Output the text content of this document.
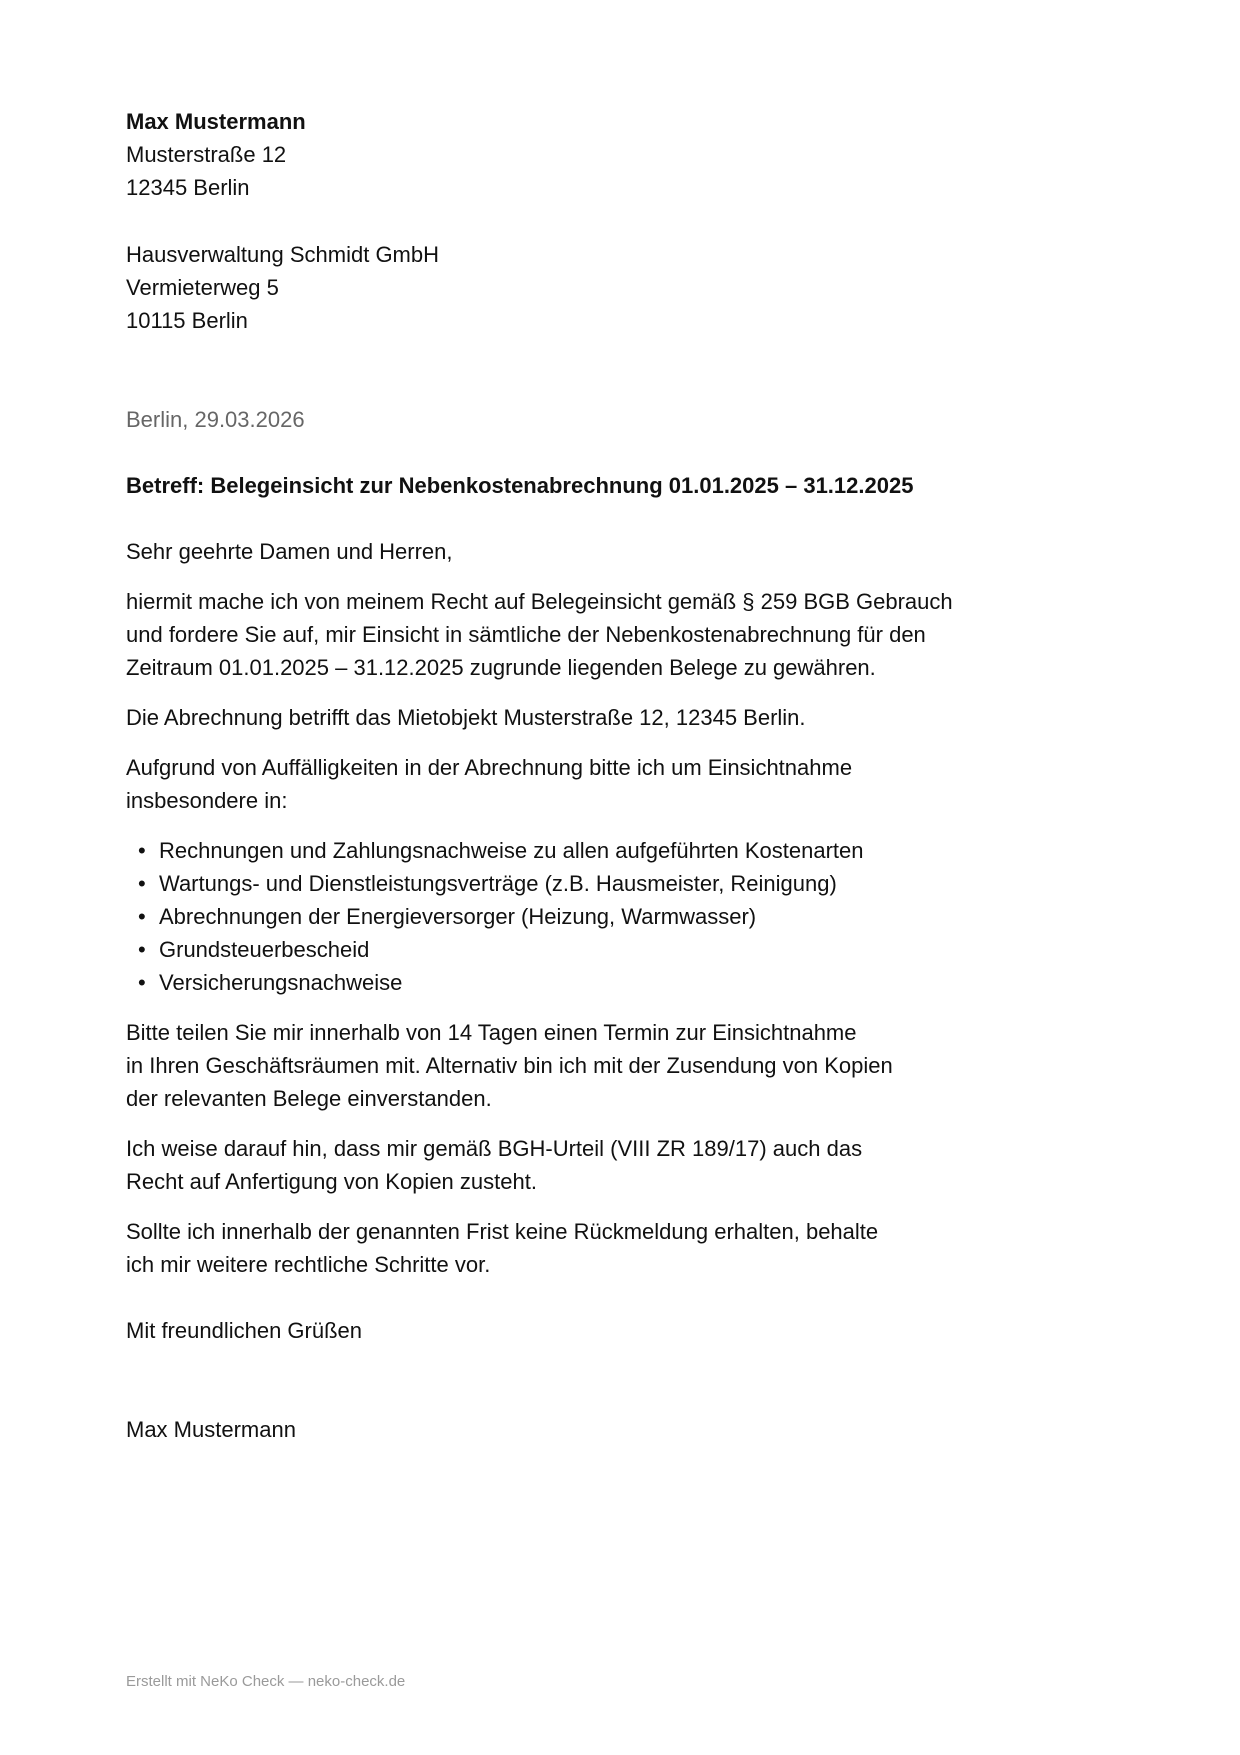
Max Mustermann
Musterstraße 12
12345 Berlin
Hausverwaltung Schmidt GmbH
Vermieterweg 5
10115 Berlin
Berlin, 29.03.2026
Betreff: Belegeinsicht zur Nebenkostenabrechnung 01.01.2025 – 31.12.2025
Sehr geehrte Damen und Herren,
hiermit mache ich von meinem Recht auf Belegeinsicht gemäß § 259 BGB Gebrauch
und fordere Sie auf, mir Einsicht in sämtliche der Nebenkostenabrechnung für den
Zeitraum 01.01.2025 – 31.12.2025 zugrunde liegenden Belege zu gewähren.
Die Abrechnung betrifft das Mietobjekt Musterstraße 12, 12345 Berlin.
Aufgrund von Auffälligkeiten in der Abrechnung bitte ich um Einsichtnahme
insbesondere in:
• Rechnungen und Zahlungsnachweise zu allen aufgeführten Kostenarten
• Wartungs- und Dienstleistungsverträge (z.B. Hausmeister, Reinigung)
• Abrechnungen der Energieversorger (Heizung, Warmwasser)
• Grundsteuerbescheid
• Versicherungsnachweise
Bitte teilen Sie mir innerhalb von 14 Tagen einen Termin zur Einsichtnahme
in Ihren Geschäftsräumen mit. Alternativ bin ich mit der Zusendung von Kopien
der relevanten Belege einverstanden.
Ich weise darauf hin, dass mir gemäß BGH-Urteil (VIII ZR 189/17) auch das
Recht auf Anfertigung von Kopien zusteht.
Sollte ich innerhalb der genannten Frist keine Rückmeldung erhalten, behalte
ich mir weitere rechtliche Schritte vor.
Mit freundlichen Grüßen
Max Mustermann
Erstellt mit NeKo Check — neko-check.de
